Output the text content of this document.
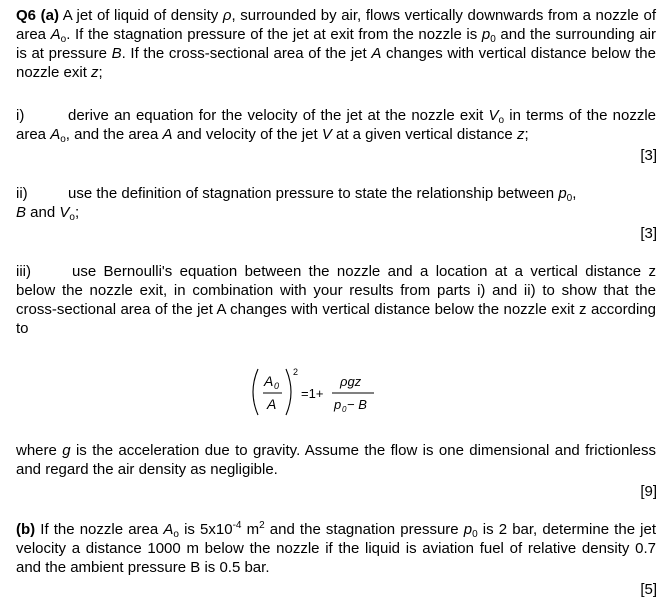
Q6 (a) A jet of liquid of density ρ, surrounded by air, flows vertically downwards from a nozzle of area $A_o$. If the stagnation pressure of the jet at exit from the nozzle is $p_0$ and the surrounding air is at pressure B. If the cross-sectional area of the jet A changes with vertical distance below the nozzle exit z;
i)	derive an equation for the velocity of the jet at the nozzle exit $V_o$ in terms of the nozzle area $A_o$, and the area A and velocity of the jet V at a given vertical distance z;
[3]
ii)	use the definition of stagnation pressure to state the relationship between $p_0$,
B and $V_o$;
[3]
iii)	use Bernoulli's equation between the nozzle and a location at a vertical distance z below the nozzle exit, in combination with your results from parts i) and ii) to show that the cross-sectional area of the jet A changes with vertical distance below the nozzle exit z according to
A 0
A
2
=1+
ρgz
p 0 − B
where g is the acceleration due to gravity. Assume the flow is one dimensional and frictionless and regard the air density as negligible.
[9]
(b) If the nozzle area $A_o$ is $5x10^{-4}$ $m^2$ and the stagnation pressure $p_0$ is 2 bar, determine the jet velocity a distance 1000 m below the nozzle if the liquid is aviation fuel of relative density 0.7 and the ambient pressure B is 0.5 bar.
[5]
